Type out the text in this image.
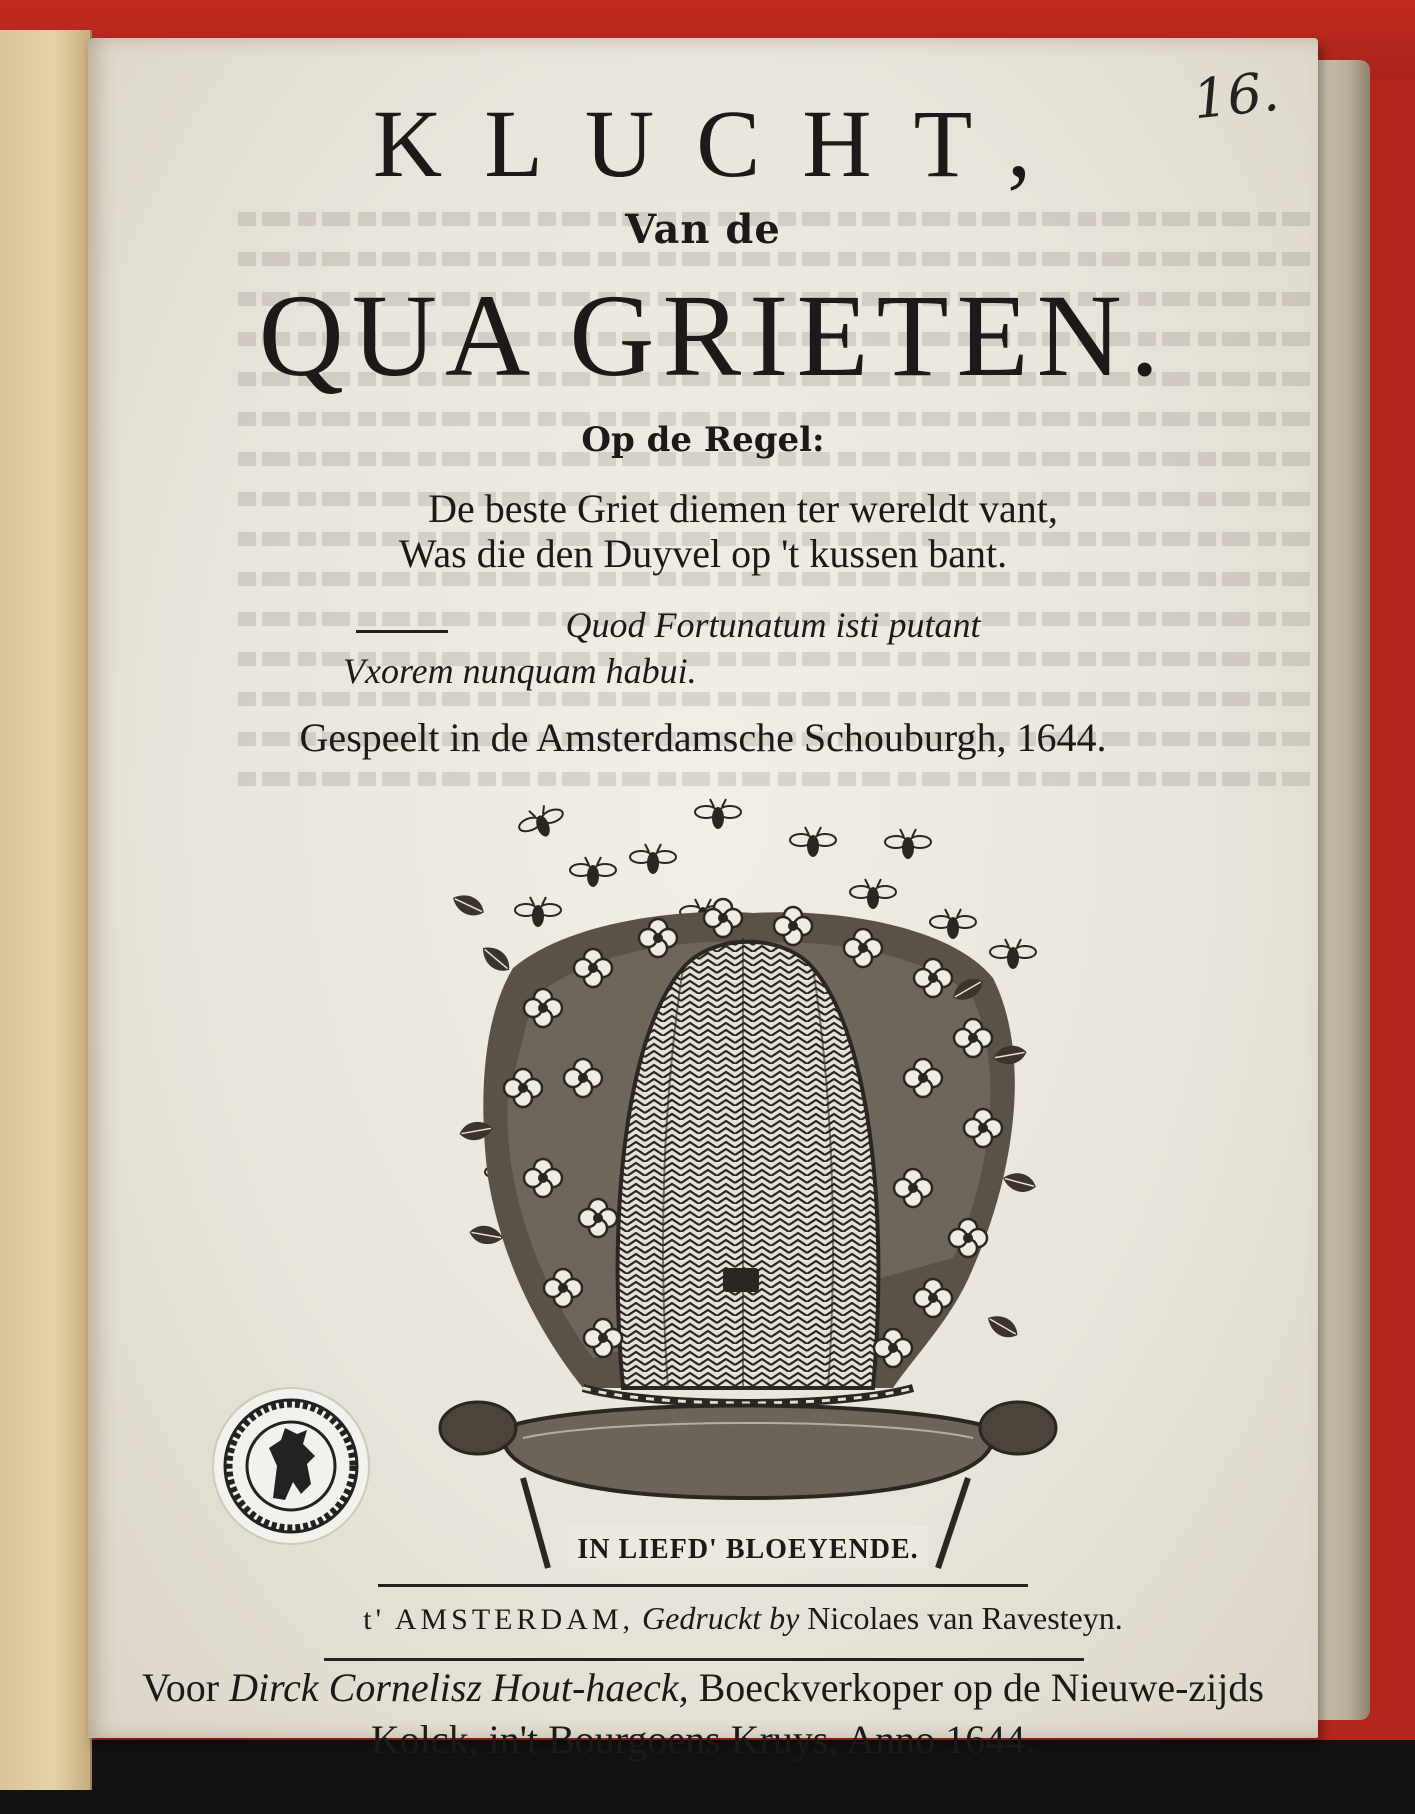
KLUCHT,	16.
Van de
QUA GRIETEN.
Op de Regel:
De beste Griet diemen ter wereldt vant,
Was die den Duyvel op 't kussen bant.
Quod Fortunatum isti putant
Vxorem nunquam habui.
Gespeelt in de Amsterdamsche Schouburgh, 1644.
IN LIEFD' BLOEYENDE.
t' AMSTERDAM, Gedruckt by Nicolaes van Ravesteyn.
Voor Dirck Cornelisz Hout-haeck, Boeckverkoper op de Nieuwe-zijds
Kolck, in't Bourgoens Kruys, Anno 1644.
